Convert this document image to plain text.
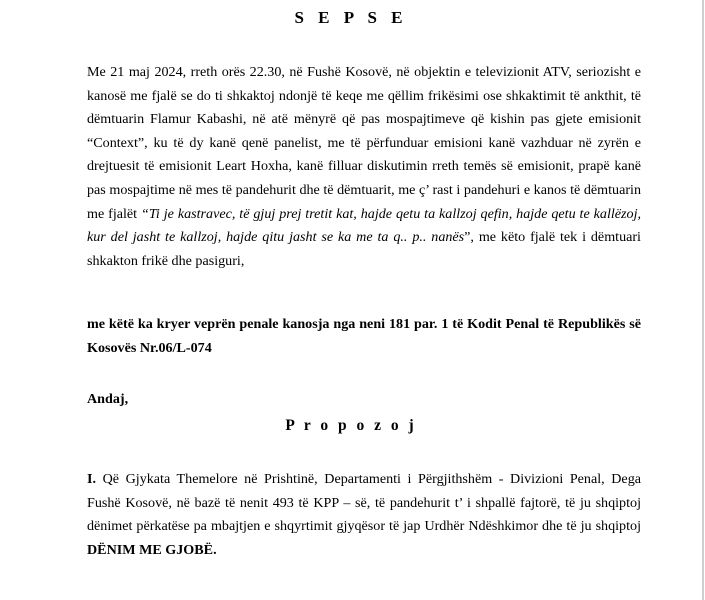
S E P S E
Me 21 maj 2024, rreth orës 22.30, në Fushë Kosovë, në objektin e televizionit ATV, seriozisht e kanosë me fjalë se do ti shkaktoj ndonjë të keqe me qëllim frikësimi ose shkaktimit të ankthit, të dëmtuarin Flamur Kabashi, në atë mënyrë që pas mospajtimeve që kishin pas gjete emisionit “Context”, ku të dy kanë qenë panelist, me të përfunduar emisioni kanë vazhduar në zyrën e drejtuesit të emisionit Leart Hoxha, kanë filluar diskutimin rreth temës së emisionit, prapë kanë pas mospajtime në mes të pandehurit dhe të dëmtuarit, me ç’ rast i pandehuri e kanos të dëmtuarin me fjalët “Ti je kastravec, të gjuj prej tretit kat, hajde qetu ta kallzoj qefin, hajde qetu te kallëzoj, kur del jasht te kallzoj, hajde qitu jasht se ka me ta q.. p.. nanës”, me këto fjalë tek i dëmtuari shkakton frikë dhe pasiguri,
me këtë ka kryer veprën penale kanosja nga neni 181 par. 1 të Kodit Penal të Republikës së Kosovës Nr.06/L-074
Andaj,
P r o p o z o j
I. Që Gjykata Themelore në Prishtinë, Departamenti i Përgjithshëm - Divizioni Penal, Dega Fushë Kosovë, në bazë të nenit 493 të KPP – së, të pandehurit t’ i shpallë fajtorë, të ju shqiptoj dënimet përkatëse pa mbajtjen e shqyrtimit gjyqësor të jap Urdhër Ndëshkimor dhe të ju shqiptoj DËNIM ME GJOBË.
